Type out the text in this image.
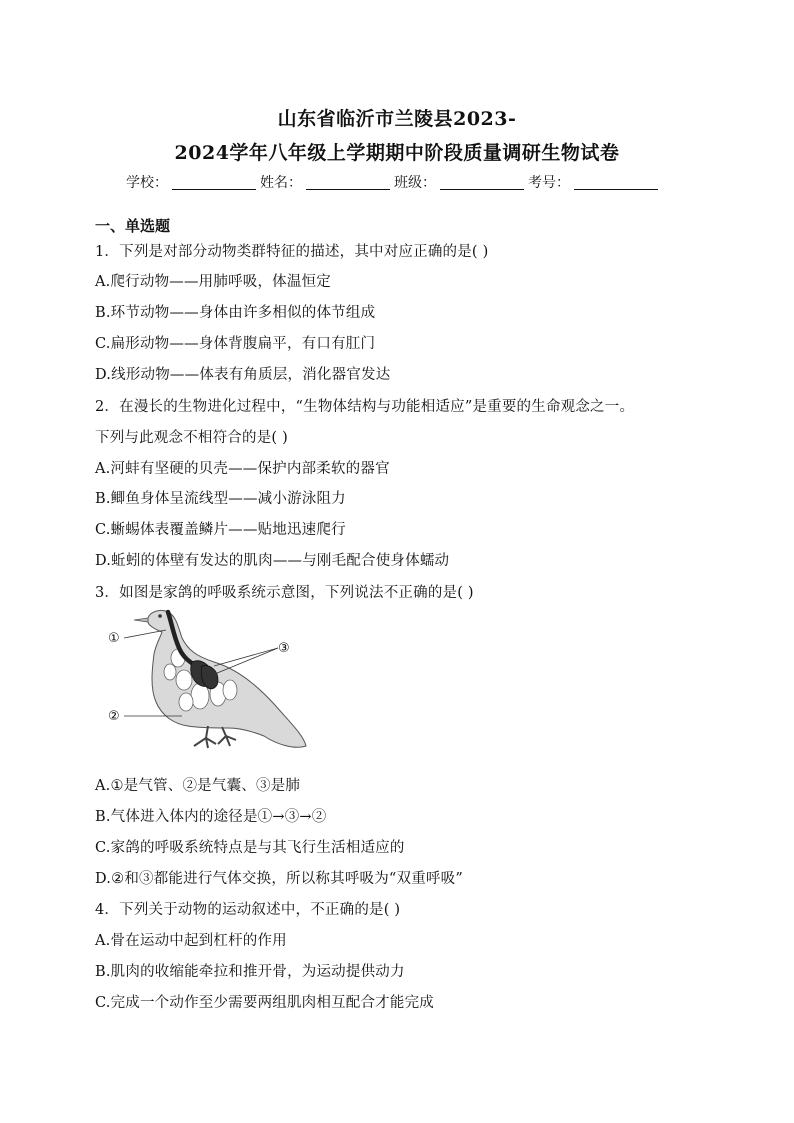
山东省临沂市兰陵县2023-
2024学年八年级上学期期中阶段质量调研生物试卷
学校：	姓名：	班级：	考号：
一、单选题
1．下列是对部分动物类群特征的描述，其中对应正确的是( )
A.爬行动物——用肺呼吸，体温恒定
B.环节动物——身体由许多相似的体节组成
C.扁形动物——身体背腹扁平，有口有肛门
D.线形动物——体表有角质层，消化器官发达
2．在漫长的生物进化过程中，“生物体结构与功能相适应”是重要的生命观念之一。
下列与此观念不相符合的是( )
A.河蚌有坚硬的贝壳——保护内部柔软的器官
B.鲫鱼身体呈流线型——减小游泳阻力
C.蜥蜴体表覆盖鳞片——贴地迅速爬行
D.蚯蚓的体壁有发达的肌肉——与刚毛配合使身体蠕动
3．如图是家鸽的呼吸系统示意图，下列说法不正确的是( )
①
②
③
A.①是气管、②是气囊、③是肺
B.气体进入体内的途径是①→③→②
C.家鸽的呼吸系统特点是与其飞行生活相适应的
D.②和③都能进行气体交换，所以称其呼吸为“双重呼吸”
4．下列关于动物的运动叙述中，不正确的是( )
A.骨在运动中起到杠杆的作用
B.肌肉的收缩能牵拉和推开骨，为运动提供动力
C.完成一个动作至少需要两组肌肉相互配合才能完成
